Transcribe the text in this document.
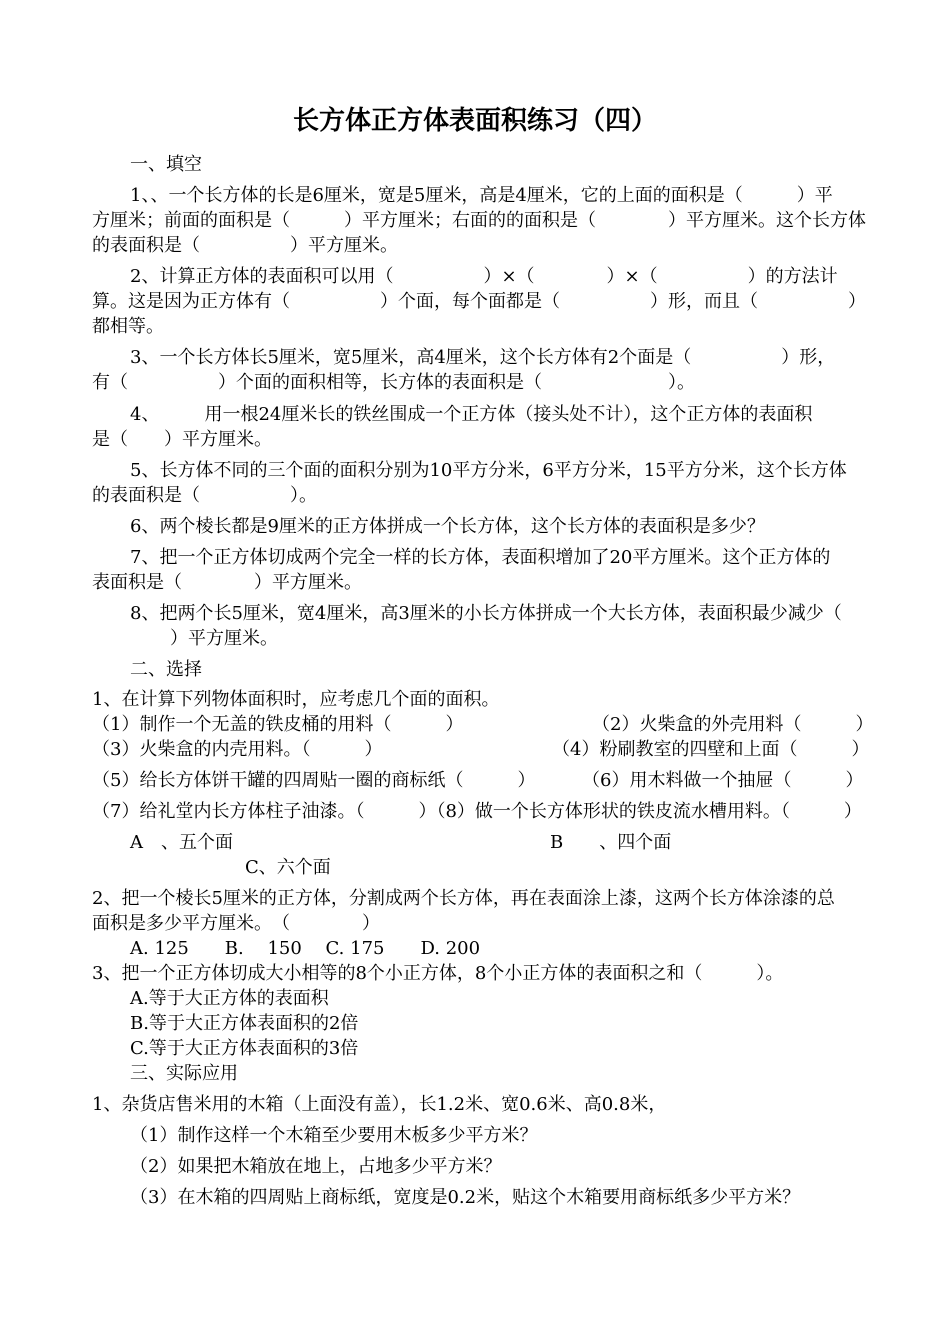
长方体正方体表面积练习（四）
一、填空
1、、一个长方体的长是6厘米，宽是5厘米，高是4厘米，它的上面的面积是（　　　）平
方厘米；前面的面积是（　　　）平方厘米；右面的的面积是（　　　　）平方厘米。这个长方体
的表面积是（　　　　　）平方厘米。
2、计算正方体的表面积可以用（　　　　　）×（　　　　）×（　　　　　）的方法计
算。这是因为正方体有（　　　　　）个面，每个面都是（　　　　　）形，而且（　　　　　）
都相等。
3、一个长方体长5厘米，宽5厘米，高4厘米，这个长方体有2个面是（　　　　　）形，
有（　　　　　）个面的面积相等，长方体的表面积是（　　　　　　　）。
4、　　　用一根24厘米长的铁丝围成一个正方体（接头处不计），这个正方体的表面积
是（　　）平方厘米。
5、长方体不同的三个面的面积分别为10平方分米，6平方分米，15平方分米，这个长方体
的表面积是（　　　　　）。
6、两个棱长都是9厘米的正方体拼成一个长方体，这个长方体的表面积是多少？
7、把一个正方体切成两个完全一样的长方体，表面积增加了20平方厘米。这个正方体的
表面积是（　　　　）平方厘米。
8、把两个长5厘米，宽4厘米，高3厘米的小长方体拼成一个大长方体，表面积最少减少（
）平方厘米。
二、选择
1、在计算下列物体面积时，应考虑几个面的面积。
（1）制作一个无盖的铁皮桶的用料（　　　）	（2）火柴盒的外壳用料（　　　）
（3）火柴盒的内壳用料。（　　　）	（4）粉刷教室的四壁和上面（　　　）
（5）给长方体饼干罐的四周贴一圈的商标纸（　　　）	（6）用木料做一个抽屉（　　　）
（7）给礼堂内长方体柱子油漆。（　　　）（8）做一个长方体形状的铁皮流水槽用料。（　　　）
A　、五个面	B　　、四个面
C、六个面
2、把一个棱长5厘米的正方体，分割成两个长方体，再在表面涂上漆，这两个长方体涂漆的总
面积是多少平方厘米。　（　　　　）
A. 125　　B.　 150　 C. 175　　D. 200
3、把一个正方体切成大小相等的8个小正方体，8个小正方体的表面积之和（　　　）。
A.等于大正方体的表面积
B.等于大正方体表面积的2倍
C.等于大正方体表面积的3倍
三、实际应用
1、杂货店售米用的木箱（上面没有盖），长1.2米、宽0.6米、高0.8米，
（1）制作这样一个木箱至少要用木板多少平方米？
（2）如果把木箱放在地上，占地多少平方米？
（3）在木箱的四周贴上商标纸，宽度是0.2米，贴这个木箱要用商标纸多少平方米？
